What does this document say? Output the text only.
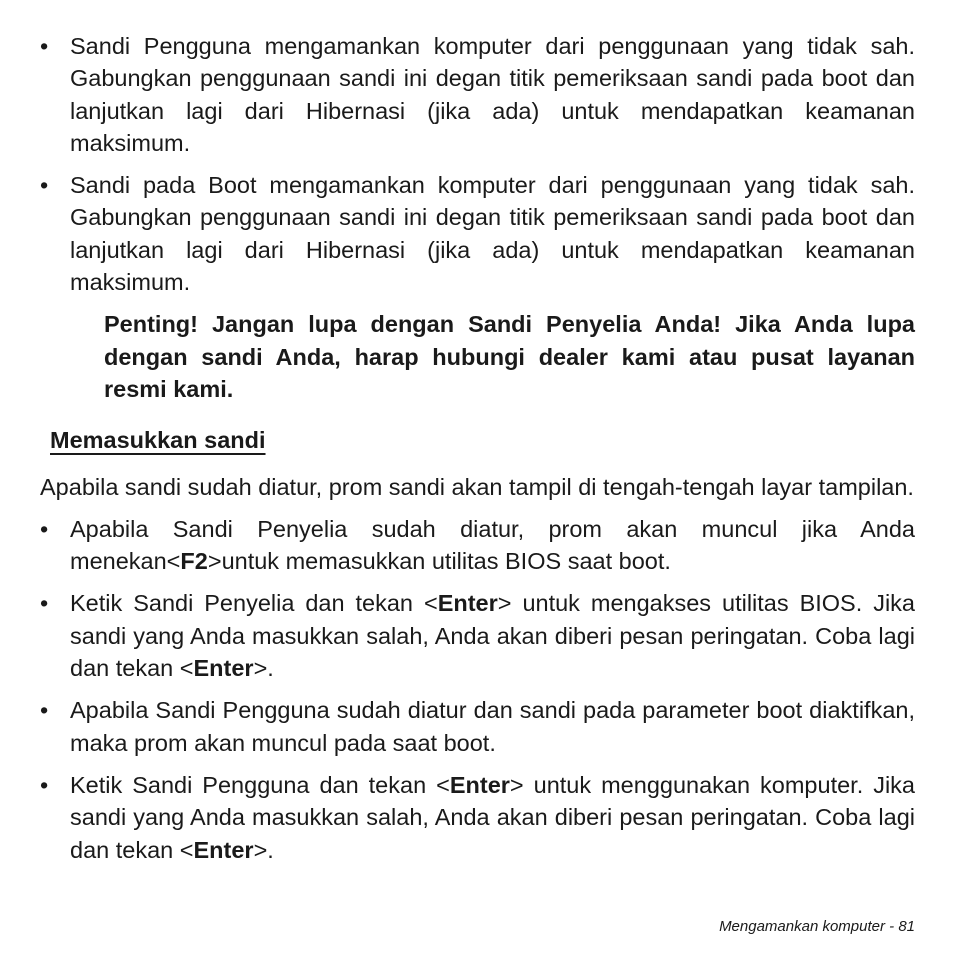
• Sandi Pengguna mengamankan komputer dari penggunaan yang tidak sah. Gabungkan penggunaan sandi ini degan titik pemeriksaan sandi pada boot dan lanjutkan lagi dari Hibernasi (jika ada) untuk mendapatkan keamanan maksimum.
• Sandi pada Boot mengamankan komputer dari penggunaan yang tidak sah. Gabungkan penggunaan sandi ini degan titik pemeriksaan sandi pada boot dan lanjutkan lagi dari Hibernasi (jika ada) untuk mendapatkan keamanan maksimum.
Penting! Jangan lupa dengan Sandi Penyelia Anda! Jika Anda lupa dengan sandi Anda, harap hubungi dealer kami atau pusat layanan resmi kami.
Memasukkan sandi
Apabila sandi sudah diatur, prom sandi akan tampil di tengah-tengah layar tampilan.
• Apabila Sandi Penyelia sudah diatur, prom akan muncul jika Anda menekan<F2>untuk memasukkan utilitas BIOS saat boot.
• Ketik Sandi Penyelia dan tekan <Enter> untuk mengakses utilitas BIOS. Jika sandi yang Anda masukkan salah, Anda akan diberi pesan peringatan. Coba lagi dan tekan <Enter>.
• Apabila Sandi Pengguna sudah diatur dan sandi pada parameter boot diaktifkan, maka prom akan muncul pada saat boot.
• Ketik Sandi Pengguna dan tekan <Enter> untuk menggunakan komputer. Jika sandi yang Anda masukkan salah, Anda akan diberi pesan peringatan. Coba lagi dan tekan <Enter>.
Mengamankan komputer - 81
